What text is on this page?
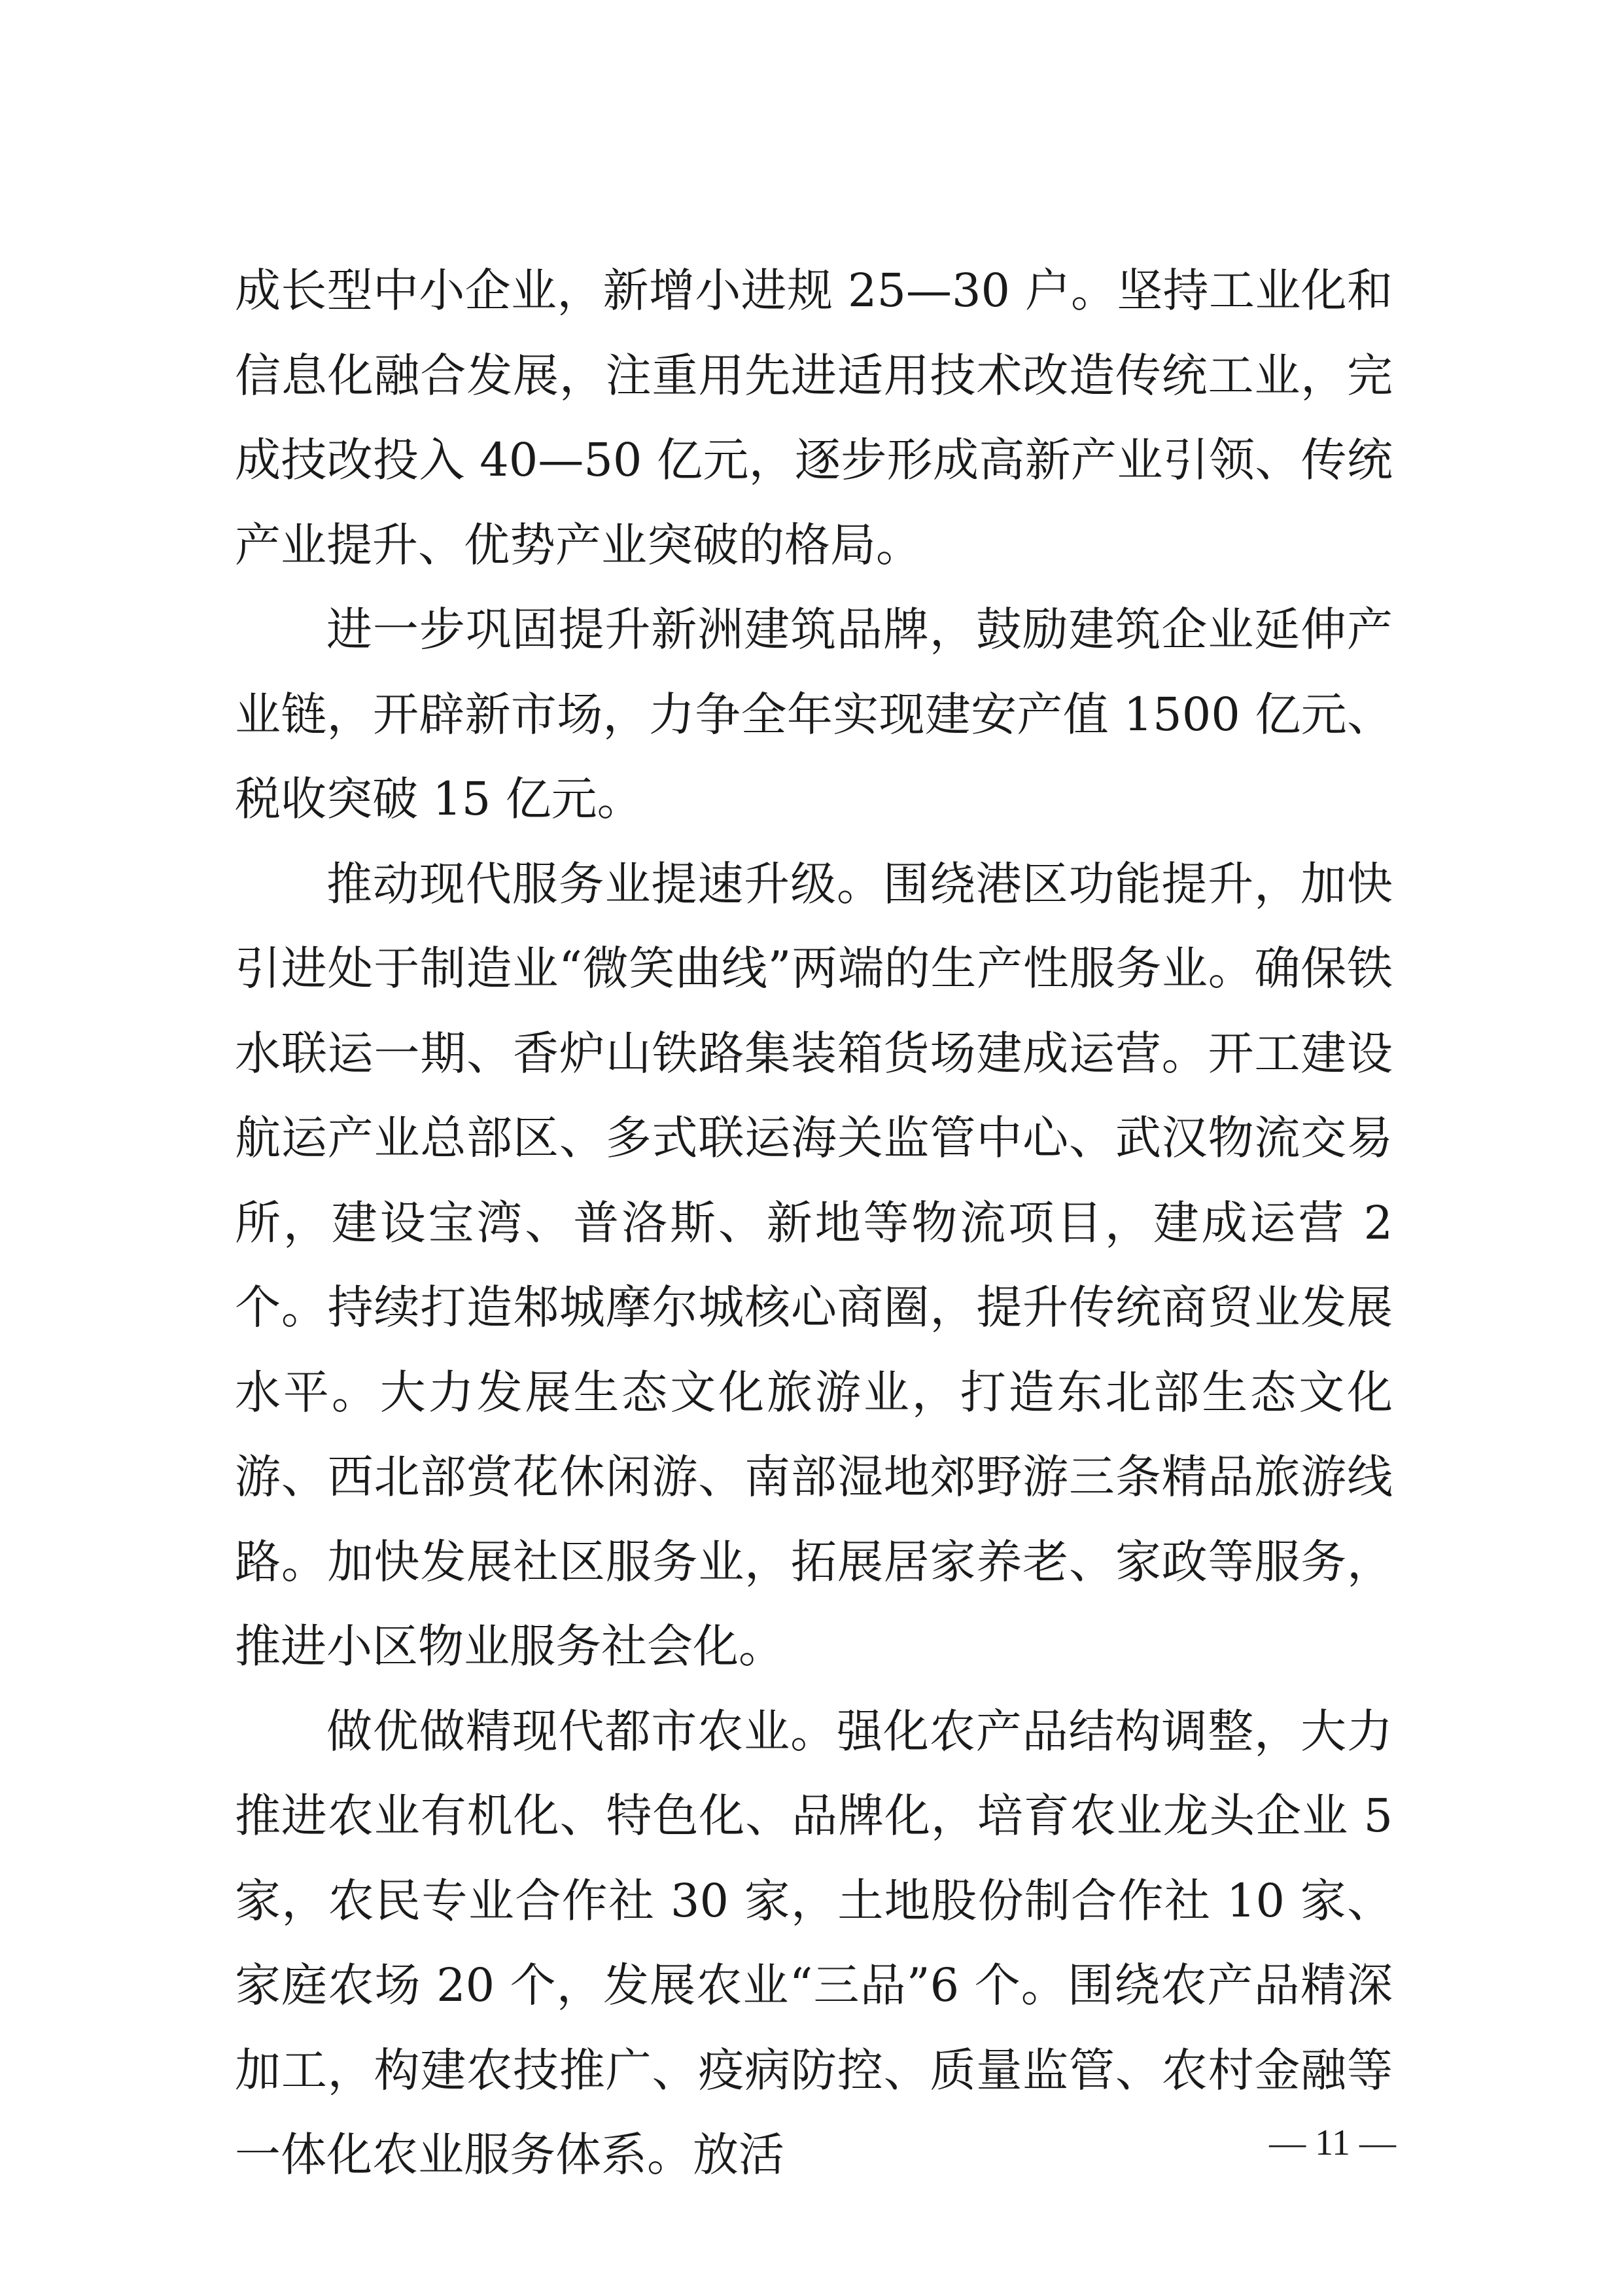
成长型中小企业，新增小进规 25—30 户。坚持工业化和信息化融合发展，注重用先进适用技术改造传统工业，完成技改投入 40—50 亿元，逐步形成高新产业引领、传统产业提升、优势产业突破的格局。

进一步巩固提升新洲建筑品牌，鼓励建筑企业延伸产业链，开辟新市场，力争全年实现建安产值 1500 亿元、税收突破 15 亿元。

推动现代服务业提速升级。围绕港区功能提升，加快引进处于制造业“微笑曲线”两端的生产性服务业。确保铁水联运一期、香炉山铁路集装箱货场建成运营。开工建设航运产业总部区、多式联运海关监管中心、武汉物流交易所，建设宝湾、普洛斯、新地等物流项目，建成运营 2 个。持续打造邾城摩尔城核心商圈，提升传统商贸业发展水平。大力发展生态文化旅游业，打造东北部生态文化游、西北部赏花休闲游、南部湿地郊野游三条精品旅游线路。加快发展社区服务业，拓展居家养老、家政等服务，推进小区物业服务社会化。

做优做精现代都市农业。强化农产品结构调整，大力推进农业有机化、特色化、品牌化，培育农业龙头企业 5 家，农民专业合作社 30 家，土地股份制合作社 10 家、家庭农场 20 个，发展农业“三品”6 个。围绕农产品精深加工，构建农技推广、疫病防控、质量监管、农村金融等一体化农业服务体系。放活	— 11 —
